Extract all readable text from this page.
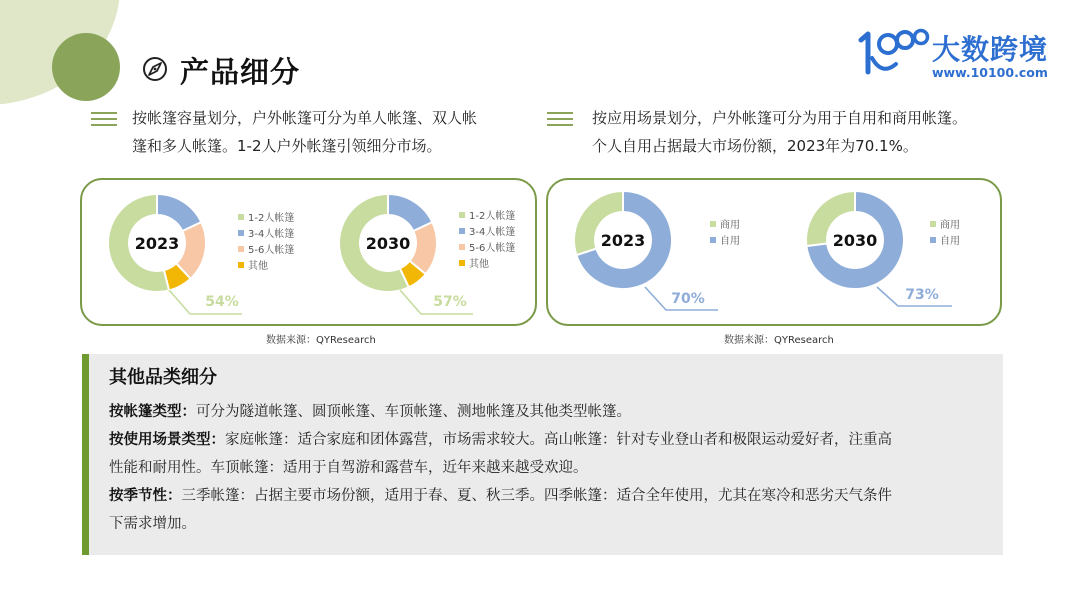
产品细分
大数跨境
www.10100.com
按帐篷容量划分，户外帐篷可分为单人帐篷、双人帐
篷和多人帐篷。1-2人户外帐篷引领细分市场。
按应用场景划分，户外帐篷可分为用于自用和商用帐篷。
个人自用占据最大市场份额，2023年为70.1%。
2023
54%
2030
57%
1-2人帐篷
3-4人帐篷
5-6人帐篷
其他
1-2人帐篷
3-4人帐篷
5-6人帐篷
其他
2023
70%
2030
73%
商用
自用
商用
自用
数据来源：QYResearch	数据来源：QYResearch
其他品类细分

按帐篷类型：可分为隧道帐篷、圆顶帐篷、车顶帐篷、测地帐篷及其他类型帐篷。

按使用场景类型：家庭帐篷：适合家庭和团体露营，市场需求较大。高山帐篷：针对专业登山者和极限运动爱好者，注重高
性能和耐用性。车顶帐篷：适用于自驾游和露营车，近年来越来越受欢迎。

按季节性：三季帐篷：占据主要市场份额，适用于春、夏、秋三季。四季帐篷：适合全年使用，尤其在寒冷和恶劣天气条件
下需求增加。
